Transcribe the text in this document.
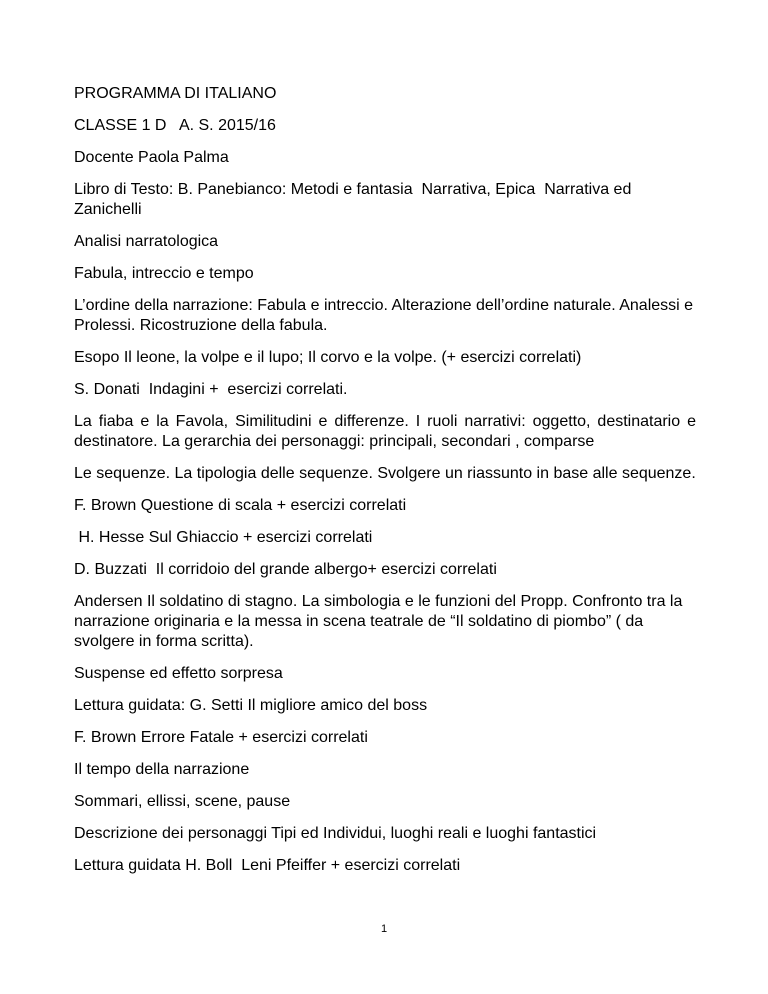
PROGRAMMA DI ITALIANO

CLASSE 1 D   A. S. 2015/16

Docente Paola Palma

Libro di Testo: B. Panebianco: Metodi e fantasia  Narrativa, Epica  Narrativa ed Zanichelli

Analisi narratologica

Fabula, intreccio e tempo

L’ordine della narrazione: Fabula e intreccio. Alterazione dell’ordine naturale. Analessi e Prolessi. Ricostruzione della fabula.

Esopo Il leone, la volpe e il lupo; Il corvo e la volpe. (+ esercizi correlati)

S. Donati  Indagini +  esercizi correlati.

La fiaba e la Favola, Similitudini e differenze. I ruoli narrativi: oggetto, destinatario e destinatore. La gerarchia dei personaggi: principali, secondari , comparse

Le sequenze. La tipologia delle sequenze. Svolgere un riassunto in base alle sequenze.

F. Brown Questione di scala + esercizi correlati

H. Hesse Sul Ghiaccio + esercizi correlati

D. Buzzati  Il corridoio del grande albergo+ esercizi correlati

Andersen Il soldatino di stagno. La simbologia e le funzioni del Propp. Confronto tra la narrazione originaria e la messa in scena teatrale de “Il soldatino di piombo” ( da svolgere in forma scritta).

Suspense ed effetto sorpresa

Lettura guidata: G. Setti Il migliore amico del boss

F. Brown Errore Fatale + esercizi correlati

Il tempo della narrazione

Sommari, ellissi, scene, pause

Descrizione dei personaggi Tipi ed Individui, luoghi reali e luoghi fantastici

Lettura guidata H. Boll  Leni Pfeiffer + esercizi correlati

1
